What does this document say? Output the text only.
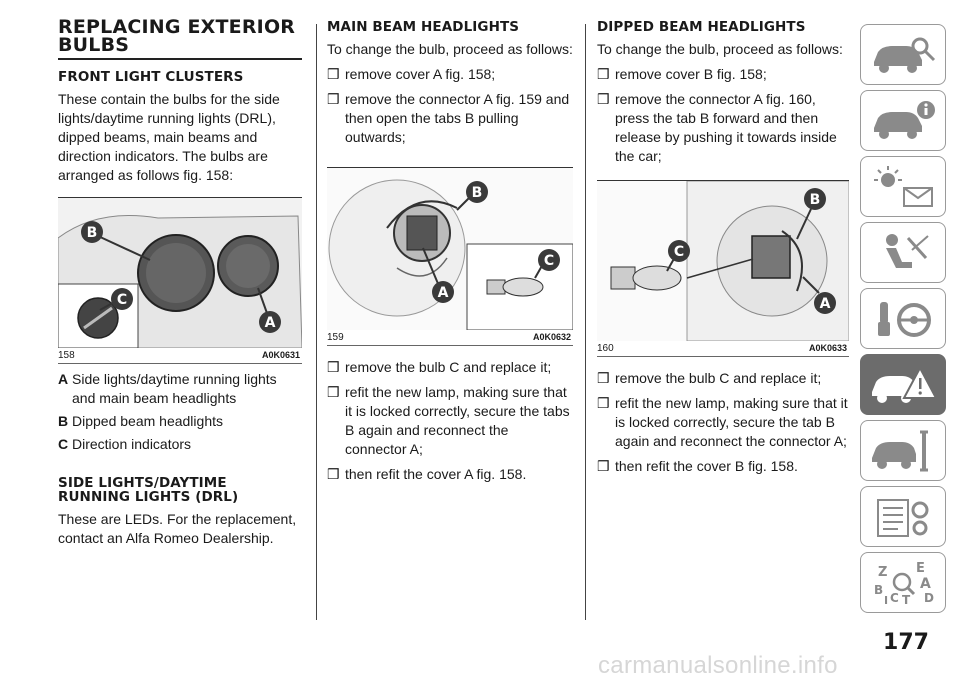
REPLACING EXTERIOR BULBS
FRONT LIGHT CLUSTERS

These contain the bulbs for the side lights/daytime running lights (DRL), dipped beams, main beams and direction indicators. The bulbs are arranged as follows fig. 158:

B
C
A
158	A0K0631
A Side lights/daytime running lights and main beam headlights
B Dipped beam headlights
C Direction indicators
SIDE LIGHTS/DAYTIME RUNNING LIGHTS (DRL)

These are LEDs. For the replacement, contact an Alfa Romeo Dealership.

MAIN BEAM HEADLIGHTS

To change the bulb, proceed as follows:

❒ remove cover A fig. 158;
❒ remove the connector A fig. 159 and then open the tabs B pulling outwards;
B
C
A
159	A0K0632
❒ remove the bulb C and replace it;
❒ refit the new lamp, making sure that it is locked correctly, secure the tabs B again and reconnect the connector A;
❒ then refit the cover A fig. 158.
DIPPED BEAM HEADLIGHTS

To change the bulb, proceed as follows:

❒ remove cover B fig. 158;
❒ remove the connector A fig. 160, press the tab B forward and then release by pushing it towards inside the car;
B
C
A
160	A0K0633
❒ remove the bulb C and replace it;
❒ refit the new lamp, making sure that it is locked correctly, secure the tab B again and reconnect the connector A;
❒ then refit the cover B fig. 158.
Z E
A
B
C T D
I
177
carmanualsonline.info
